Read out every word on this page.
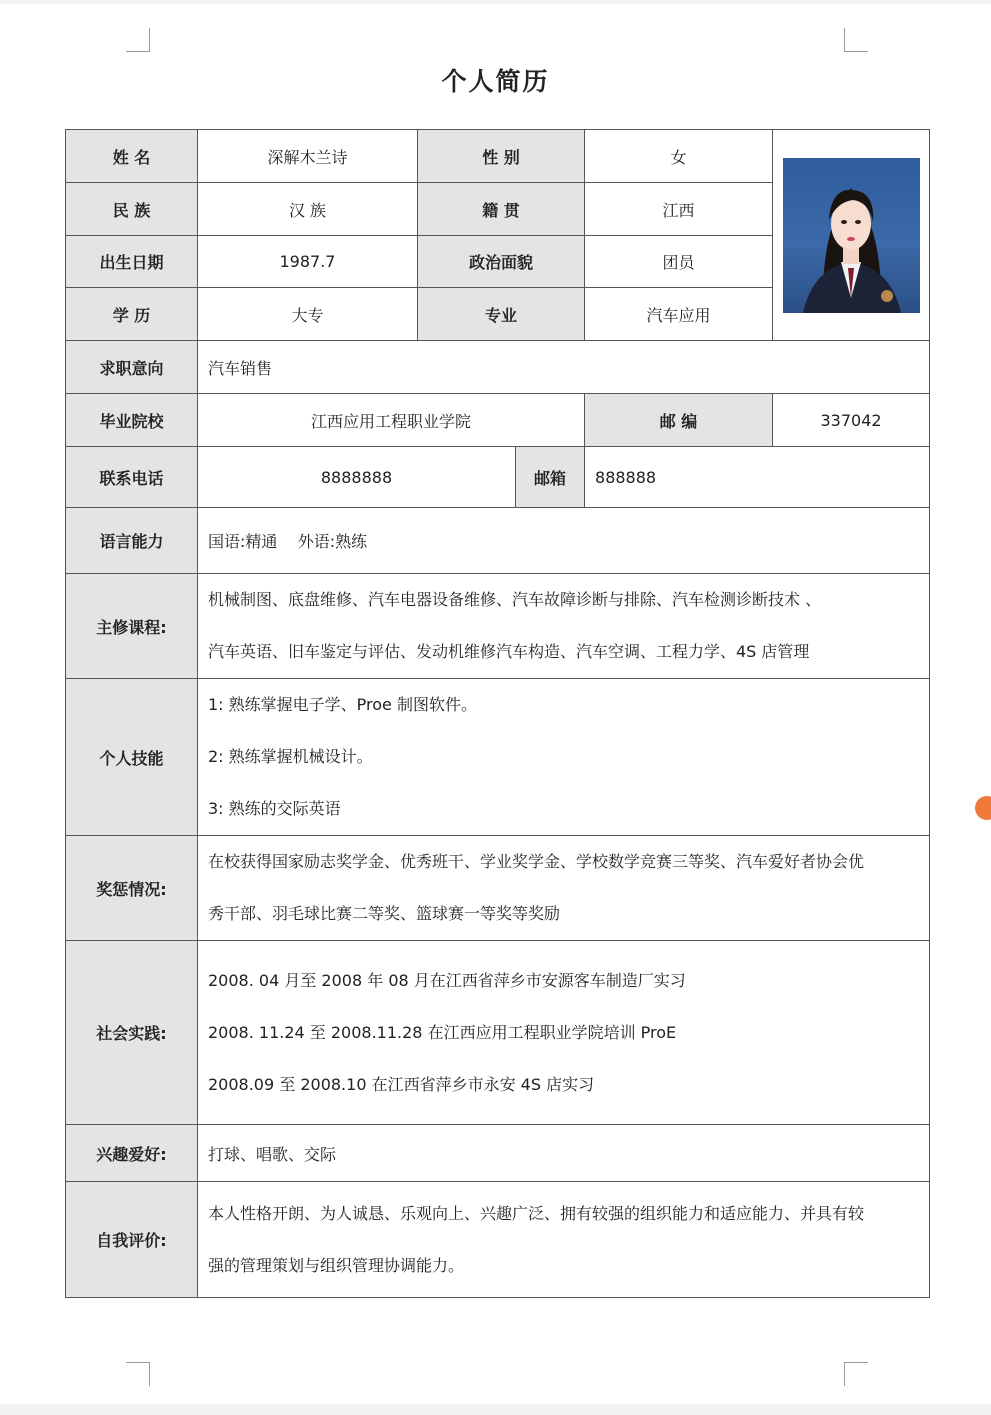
个人简历
姓 名	深解木兰诗	性 别		女	

民 族	汉 族	籍 贯		江西	
出生日期	1987.7	政治面貌		团员	
学 历	大专	专业		汽车应用	
求职意向	汽车销售				
毕业院校	江西应用工程职业学院			邮 编	337042
联系电话	8888888		邮箱	888888	
语言能力	国语:精通    外语:熟练				
主修课程:	机械制图、底盘维修、汽车电器设备维修、汽车故障诊断与排除、汽车检测诊断技术 、
汽车英语、旧车鉴定与评估、发动机维修汽车构造、汽车空调、工程力学、4S 店管理				

个人技能	1: 熟练掌握电子学、Proe 制图软件。
2: 熟练掌握机械设计。
3: 熟练的交际英语				

奖惩情况:	在校获得国家励志奖学金、优秀班干、学业奖学金、学校数学竞赛三等奖、汽车爱好者协会优
秀干部、羽毛球比赛二等奖、篮球赛一等奖等奖励				

社会实践:	2008. 04 月至 2008 年 08 月在江西省萍乡市安源客车制造厂实习
2008. 11.24 至 2008.11.28 在江西应用工程职业学院培训 ProE
2008.09 至 2008.10 在江西省萍乡市永安 4S 店实习				

兴趣爱好:	打球、唱歌、交际				
自我评价:	本人性格开朗、为人诚恳、乐观向上、兴趣广泛、拥有较强的组织能力和适应能力、并具有较
强的管理策划与组织管理协调能力。				
